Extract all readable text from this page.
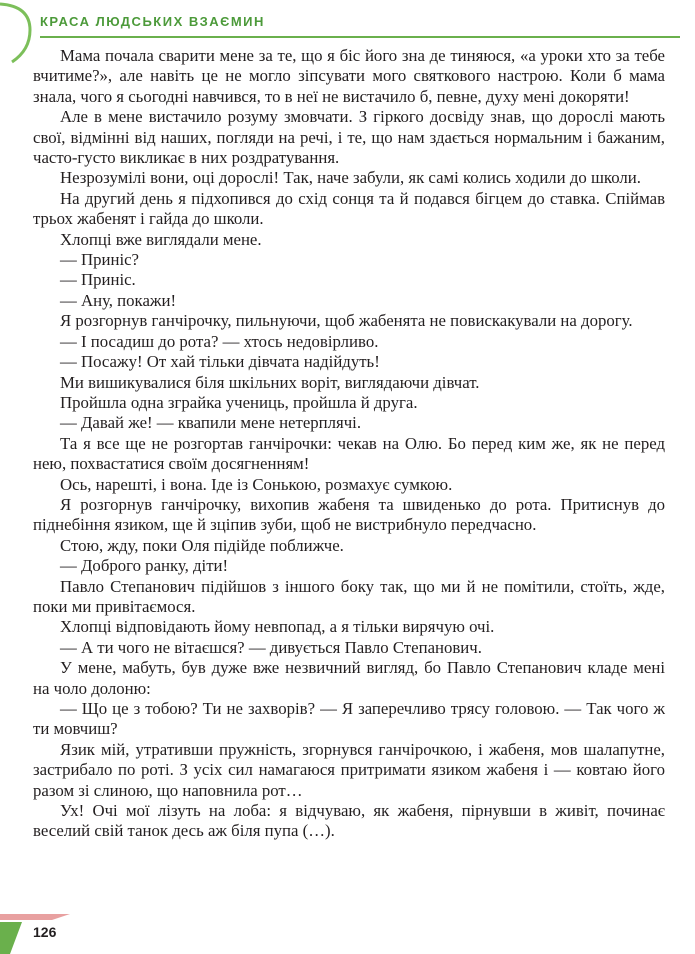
КРАСА ЛЮДСЬКИХ ВЗАЄМИН

Мама почала сварити мене за те, що я біс його зна де тиняюся, «а уроки хто за тебе вчитиме?», але навіть це не могло зіпсувати мого святкового настрою. Коли б мама знала, чого я сьогодні навчився, то в неї не вистачило б, певне, духу мені докоряти!

Але в мене вистачило розуму змовчати. З гіркого досвіду знав, що дорослі мають свої, відмінні від наших, погляди на речі, і те, що нам здається нормальним і бажаним, часто-густо викликає в них роздратування.

Незрозумілі вони, оці дорослі! Так, наче забули, як самі колись ходили до школи.

На другий день я підхопився до схід сонця та й подався бігцем до ставка. Спіймав трьох жабенят і гайда до школи.

Хлопці вже виглядали мене.

— Приніс?

— Приніс.

— Ану, покажи!

Я розгорнув ганчірочку, пильнуючи, щоб жабенята не повискакували на дорогу.

— І посадиш до рота? — хтось недовірливо.

— Посажу! От хай тільки дівчата надійдуть!

Ми вишикувалися біля шкільних воріт, виглядаючи дівчат.

Пройшла одна зграйка учениць, пройшла й друга.

— Давай же! — квапили мене нетерплячі.

Та я все ще не розгортав ганчірочки: чекав на Олю. Бо перед ким же, як не перед нею, похвастатися своїм досягненням!

Ось, нарешті, і вона. Іде із Сонькою, розмахує сумкою.

Я розгорнув ганчірочку, вихопив жабеня та швиденько до рота. Притиснув до піднебіння язиком, ще й зціпив зуби, щоб не вистрибнуло передчасно.

Стою, жду, поки Оля підійде поближче.

— Доброго ранку, діти!

Павло Степанович підійшов з іншого боку так, що ми й не помітили, стоїть, жде, поки ми привітаємося.

Хлопці відповідають йому невпопад, а я тільки вирячую очі.

— А ти чого не вітаєшся? — дивується Павло Степанович.

У мене, мабуть, був дуже вже незвичний вигляд, бо Павло Степанович кладе мені на чоло долоню:

— Що це з тобою? Ти не захворів? — Я заперечливо трясу головою. — Так чого ж ти мовчиш?

Язик мій, утративши пружність, згорнувся ганчірочкою, і жабеня, мов шалапутне, застрибало по роті. З усіх сил намагаюся притримати язиком жабеня і — ковтаю його разом зі слиною, що наповнила рот…

Ух! Очі мої лізуть на лоба: я відчуваю, як жабеня, пірнувши в живіт, починає веселий свій танок десь аж біля пупа (…).

126
